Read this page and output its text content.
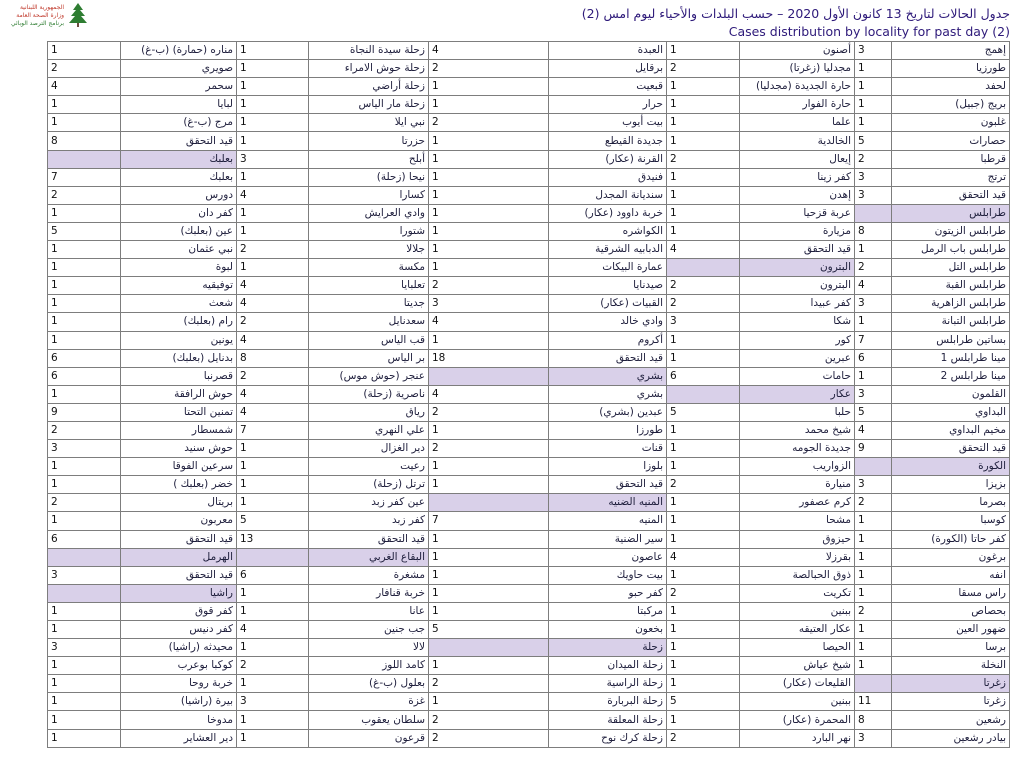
الجمهورية اللبنانية
وزارة الصحة العامة
برنامج الترصد الوبائي
جدول الحالات لتاريخ 13 كانون الأول 2020 – حسب البلدات والأحياء ليوم امس (2)
Cases distribution by locality for past day (2)
1	مناره (حمارة) (ب-غ)	1	زحلة سيدة النجاة	4	العبدة	1	أصنون	3	إهمج
2	صويري	1	زحلة حوش الامراء	2	برقايل	2	مجدليا (زغرتا)	1	طورزيا
4	سحمر	1	زحلة أراضي	1	قبعيت	1	حارة الجديدة (مجدليا)	1	لحفد
1	لبايا	1	زحلة مار الياس	1	حرار	1	حارة الفوار	1	بريج (جبيل)
1	مرج (ب-غ)	1	نبي ايلا	2	بيت أيوب	1	علما	1	غلبون
8	قيد التحقق	1	حزرتا	1	جديدة القيطع	1	الخالدية	5	حصارات
	بعلبك	3	أبلح	1	القرنة (عكار)	2	إيعال	2	قرطبا
7	بعلبك	1	نيحا (زحلة)	1	فنيدق	1	كفر زينا	3	ترتج
2	دورس	4	كسارا	1	سنديانة المجدل	1	إهدن	3	قيد التحقق
1	كفر دان	1	وادي العرايش	1	خربة داوود (عكار)	1	عربة قزحيا		طرابلس
5	عين (بعلبك)	1	شتورا	1	الكواشره	1	مزيارة	8	طرابلس الزيتون
1	نبي عثمان	2	جلالا	1	الدبابيه الشرقية	4	قيد التحقق	1	طرابلس باب الرمل
1	لبوة	1	مكسة	1	عمارة البيكات		البترون	2	طرابلس التل
1	توفيقيه	4	تعلبايا	2	صيدنايا	2	البترون	4	طرابلس القبة
1	شعث	4	جديتا	3	القبيات (عكار)	2	كفر عبيدا	3	طرابلس الزاهرية
1	رام (بعلبك)	2	سعدنايل	4	وادي خالد	3	شكا	1	طرابلس التبانة
1	يونين	4	قب الياس	1	أكروم	1	كور	7	بساتين طرابلس
6	بدنايل (بعلبك)	8	بر الياس	18	قيد التحقق	1	عبرين	6	مينا طرابلس 1
6	قصرنبا	2	عنجر (حوش موس)		بشري	6	حامات	1	مينا طرابلس 2
1	حوش الرافقة	4	ناصرية (زحلة)	4	بشري		عكار	3	القلمون
9	تمنين التحتا	4	رياق	2	عبدين (بشري)	5	حلبا	5	البداوي
2	شمسطار	7	علي النهري	1	طورزا	1	شيخ محمد	4	مخيم البداوي
3	حوش سنيد	1	دير الغزال	2	قنات	1	جديدة الجومه	9	قيد التحقق
1	سرعين الفوقا	1	رعيت	1	بلوزا	1	الزواريب		الكورة
1	خضر (بعلبك )	1	ترتل (زحلة)	1	قيد التحقق	2	منيارة	3	بزيزا
2	بريتال	1	عين كفر زبد		المنيه الضنيه	1	كرم عصفور	2	بصرما
1	معربون	5	كفر زبد	7	المنيه	1	مشحا	1	كوسبا
6	قيد التحقق	13	قيد التحقق	1	سير الضنية	1	حيزوق	1	كفر حاتا (الكورة)
	الهرمل		البقاع الغربي	1	عاصون	4	بقرزلا	1	برغون
3	قيد التحقق	6	مشغرة	1	بيت حاويك	1	ذوق الحبالصة	1	انفه
	راشيا	1	خربة قنافار	1	كفر حبو	2	تكريت	1	راس مسقا
1	كفر قوق	1	عانا	1	مركبتا	1	ببنين	2	بحصاص
1	كفر دنيس	4	جب جنين	5	بخعون	1	عكار العتيقه	1	ضهور العين
3	محيدثه (راشيا)	1	لالا		زحلة	1	الحيصا	1	برسا
1	كوكبا بوعرب	2	كامد اللوز	1	زحلة الميدان	1	شيخ عياش	1	النخلة
1	خربة روحا	1	بعلول (ب-غ)	2	زحلة الراسية	1	القليعات (عكار)		زغرتا
1	بيرة (راشيا)	3	غزة	1	زحلة البربارة	5	ببنين	11	زغرتا
1	مدوخا	1	سلطان يعقوب	2	زحلة المعلقة	1	المحمرة (عكار)	8	رشعين
1	دير العشاير	1	قرعون	2	زحلة كرك نوح	2	نهر البارد	3	بيادر رشعين
